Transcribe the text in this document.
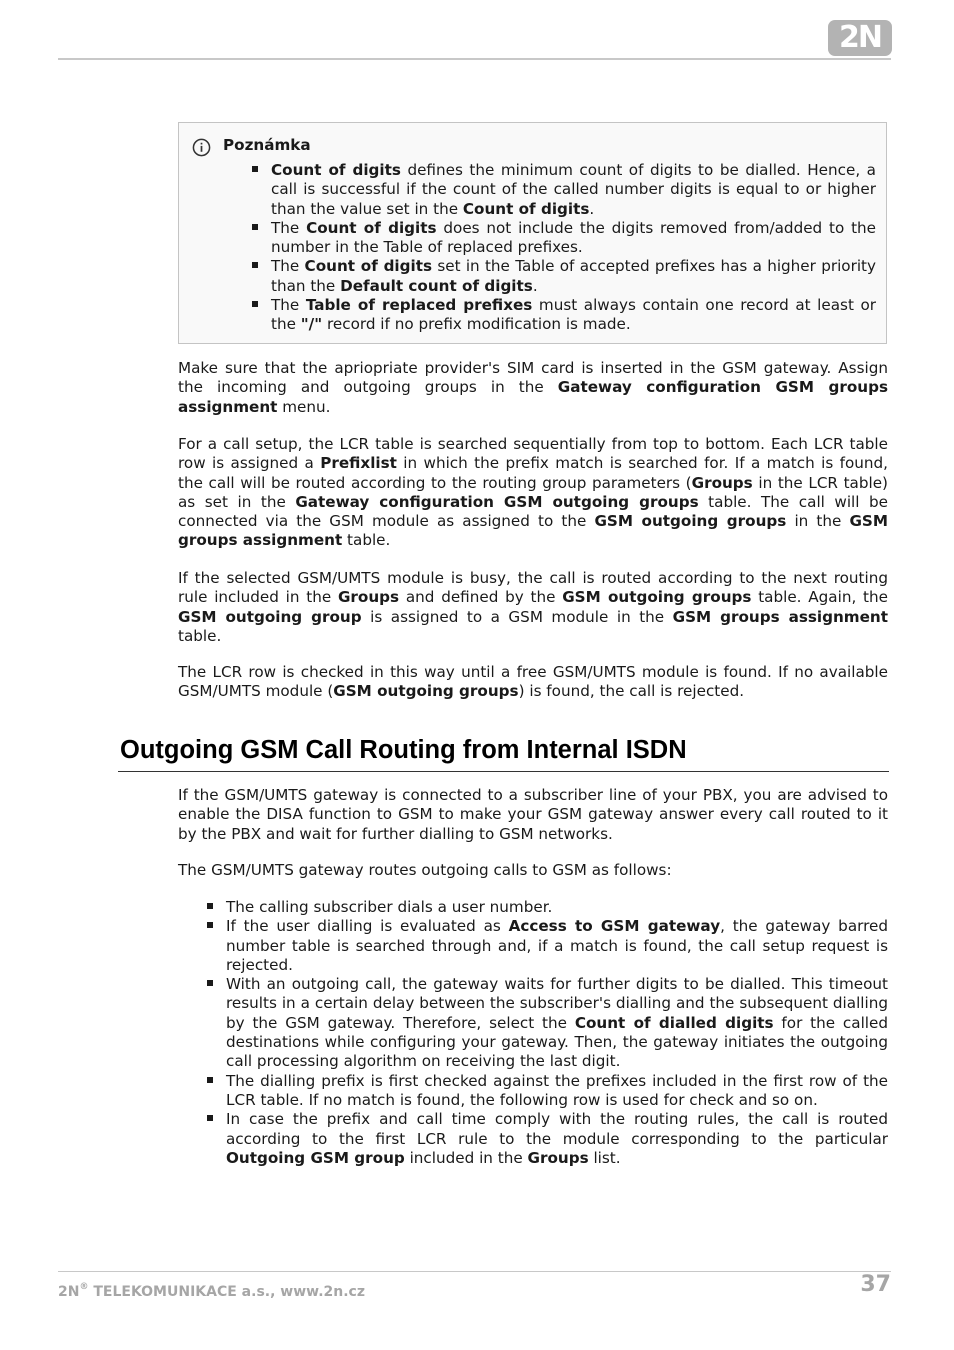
2N
Poznámka
Count of digits defines the minimum count of digits to be dialled. Hence, a call is successful if the count of the called number digits is equal to or higher than the value set in the Count of digits.
The Count of digits does not include the digits removed from/added to the number in the Table of replaced prefixes.
The Count of digits set in the Table of accepted prefixes has a higher priority than the Default count of digits.
The Table of replaced prefixes must always contain one record at least or the "/" record if no prefix modification is made.

Make sure that the apriopriate provider's SIM card is inserted in the GSM gateway. Assign the incoming and outgoing groups in the Gateway configuration GSM groups assignment menu.

For a call setup, the LCR table is searched sequentially from top to bottom. Each LCR table row is assigned a Prefixlist in which the prefix match is searched for. If a match is found, the call will be routed according to the routing group parameters (Groups in the LCR table) as set in the Gateway configuration GSM outgoing groups table. The call will be connected via the GSM module as assigned to the GSM outgoing groups in the GSM groups assignment table.

If the selected GSM/UMTS module is busy, the call is routed according to the next routing rule included in the Groups and defined by the GSM outgoing groups table. Again, the GSM outgoing group is assigned to a GSM module in the GSM groups assignment table.

The LCR row is checked in this way until a free GSM/UMTS module is found. If no available GSM/UMTS module (GSM outgoing groups) is found, the call is rejected.

Outgoing GSM Call Routing from Internal ISDN

If the GSM/UMTS gateway is connected to a subscriber line of your PBX, you are advised to enable the DISA function to GSM to make your GSM gateway answer every call routed to it by the PBX and wait for further dialling to GSM networks.

The GSM/UMTS gateway routes outgoing calls to GSM as follows:

The calling subscriber dials a user number.
If the user dialling is evaluated as Access to GSM gateway, the gateway barred number table is searched through and, if a match is found, the call setup request is rejected.
With an outgoing call, the gateway waits for further digits to be dialled. This timeout results in a certain delay between the subscriber's dialling and the subsequent dialling by the GSM gateway. Therefore, select the Count of dialled digits for the called destinations while configuring your gateway. Then, the gateway initiates the outgoing call processing algorithm on receiving the last digit.
The dialling prefix is first checked against the prefixes included in the first row of the LCR table. If no match is found, the following row is used for check and so on.
In case the prefix and call time comply with the routing rules, the call is routed according to the first LCR rule to the module corresponding to the particular Outgoing GSM group included in the Groups list.
2N® TELEKOMUNIKACE a.s., www.2n.cz	37
